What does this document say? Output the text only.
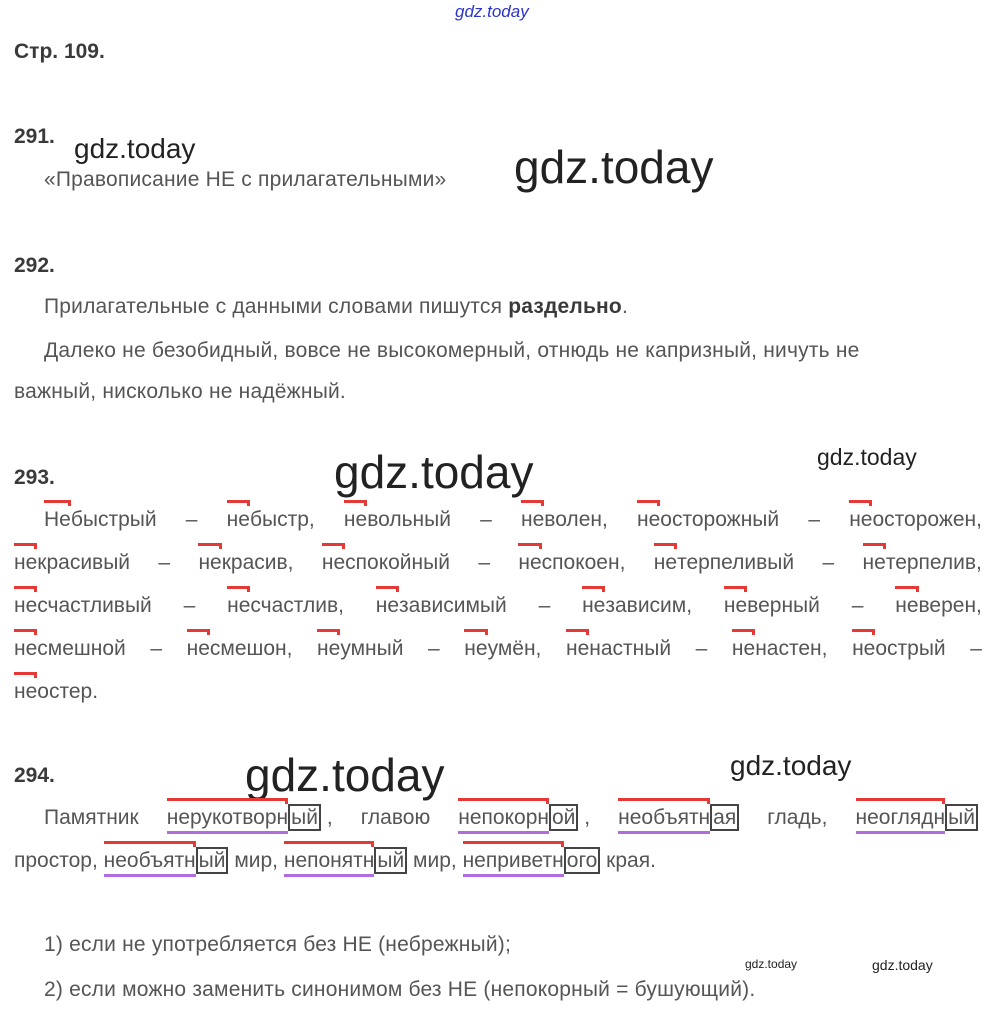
gdz.today
Стр. 109.
291. gdz.today
«Правописание НЕ с прилагательными» gdz.today
292.
Прилагательные с данными словами пишутся раздельно.
Далеко не безобидный, вовсе не высокомерный, отнюдь не капризный, ничуть не
важный, нисколько не надёжный.
293.	gdz.today	gdz.today
Небыстрый – небыстр, невольный – неволен, неосторожный – неосторожен,
некрасивый – некрасив, неспокойный – неспокоен, нетерпеливый – нетерпелив,
несчастливый – несчастлив, независимый – независим, неверный – неверен,
несмешной – несмешон, неумный – неумён, ненастный – ненастен, неострый –
неостер.
294.	gdz.today	gdz.today
Памятник нерукотворн ый , главою непокорн ой , необъятн ая гладь, неоглядн ый
простор, необъятн ый мир, непонятн ый мир, неприветн ого края.
1) если не употребляется без НЕ (небрежный);
gdz.today	gdz.today
2) если можно заменить синонимом без НЕ (непокорный = бушующий).
